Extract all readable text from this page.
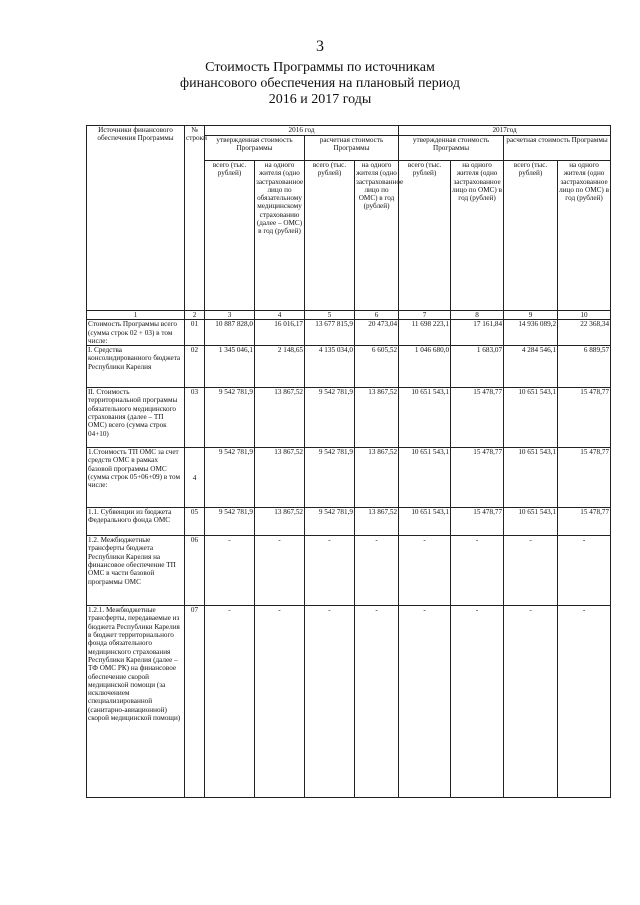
3
Стоимость Программы по источникам
финансового обеспечения на плановый период
2016 и 2017 годы
Источники финансового обеспечения Программы	№ строки	2016 год				2017год			
		утвержденная стоимость Программы		расчетная стоимость Программы		утвержденная стоимость Программы		расчетная стоимость Программы	
		всего (тыс. рублей)	на одного жителя (одно застрахованное лицо по обязательному медицинскому страхованию (далее – ОМС) в год (рублей)	всего (тыс. рублей)	на одного жителя (одно застрахованное лицо по ОМС) в год (рублей)	всего (тыс. рублей)	на одного жителя (одно застрахованное лицо по ОМС) в год (рублей)	всего (тыс. рублей)	на одного жителя (одно застрахованное лицо по ОМС) в год (рублей)
1	2	3	4	5	6	7	8	9	10
Стоимость Программы всего (сумма строк 02 + 03) в том числе:	01	10 887 828,0	16 016,17	13 677 815,9	20 473,04	11 698 223,1	17 161,84	14 936 089,2	22 368,34
I. Средства консолидированного бюджета Республики Карелия	02	1 345 046,1	2 148,65	4 135 034,0	6 605,52	1 046 680,0	1 683,07	4 284 546,1	6 889,57
II. Стоимость территориальной программы обязательного медицинского страхования (далее – ТП ОМС) всего (сумма строк 04+10)	03	9 542 781,9	13 867,52	9 542 781,9	13 867,52	10 651 543,1	15 478,77	10 651 543,1	15 478,77
1.Стоимость ТП ОМС за счет средств ОМС в рамках базовой программы ОМС (сумма строк 05+06+09) в том числе:	4	9 542 781,9	13 867,52	9 542 781,9	13 867,52	10 651 543,1	15 478,77	10 651 543,1	15 478,77
1.1. Субвенции из бюджета Федерального фонда ОМС	05	9 542 781,9	13 867,52	9 542 781,9	13 867,52	10 651 543,1	15 478,77	10 651 543,1	15 478,77
1.2. Межбюджетные трансферты бюджета Республики Карелия на финансовое обеспечение ТП ОМС в части базовой программы ОМС	06	-	-	-	-	-	-	-	-
1.2.1. Межбюджетные трансферты, передаваемые из бюджета Республики Карелия в бюджет территориального фонда обязательного медицинского страхования Республики Карелия (далее – ТФ ОМС РК) на финансовое обеспечение скорой медицинской помощи (за исключением специализированной (санитарно-авиационной) скорой медицинской помощи)	07	-	-	-	-	-	-	-	-
